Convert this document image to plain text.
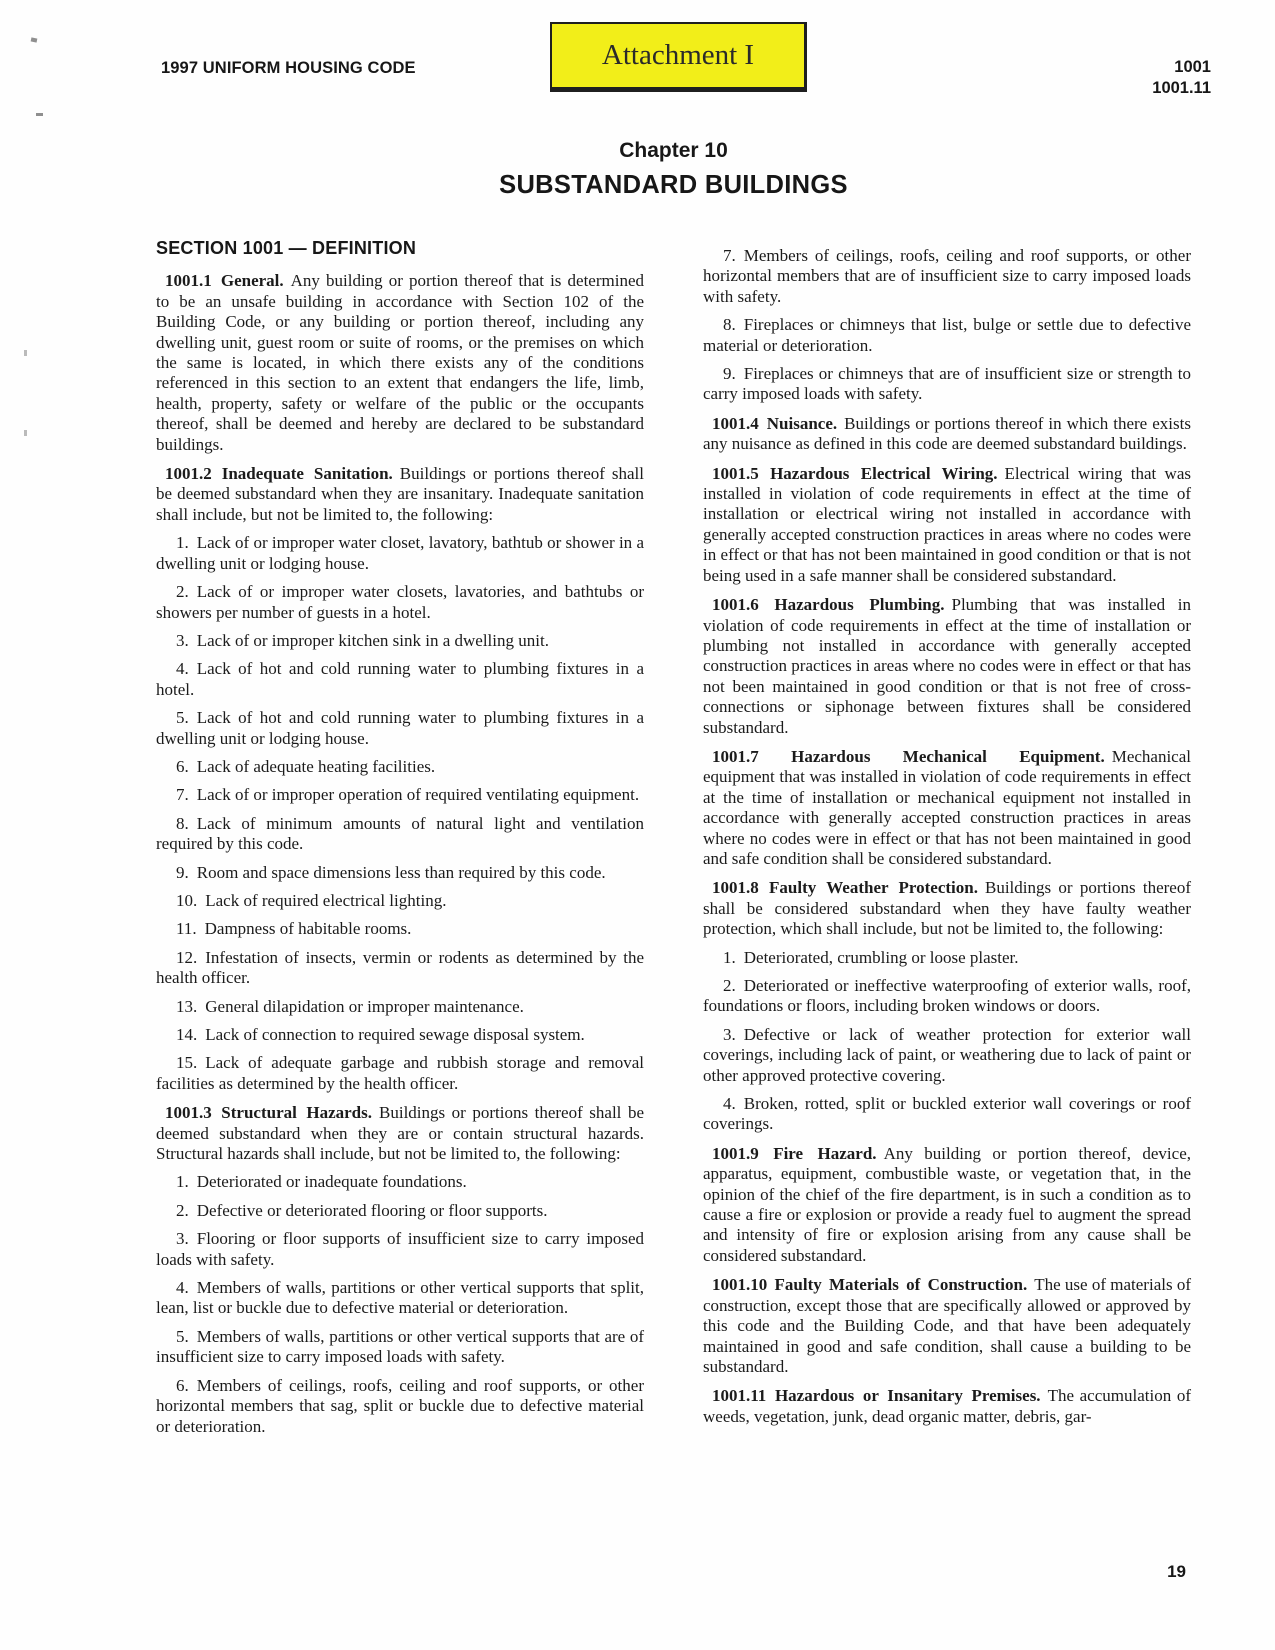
1997 UNIFORM HOUSING CODE	Attachment I	1001
1001.11
Chapter 10
SUBSTANDARD BUILDINGS
SECTION 1001 — DEFINITION

1001.1 General. Any building or portion thereof that is determined to be an unsafe building in accordance with Section 102 of the Building Code, or any building or portion thereof, including any dwelling unit, guest room or suite of rooms, or the premises on which the same is located, in which there exists any of the conditions referenced in this section to an extent that endangers the life, limb, health, property, safety or welfare of the public or the occupants thereof, shall be deemed and hereby are declared to be substandard buildings.

1001.2 Inadequate Sanitation. Buildings or portions thereof shall be deemed substandard when they are insanitary. Inadequate sanitation shall include, but not be limited to, the following:

1. Lack of or improper water closet, lavatory, bathtub or shower in a dwelling unit or lodging house.

2. Lack of or improper water closets, lavatories, and bathtubs or showers per number of guests in a hotel.

3. Lack of or improper kitchen sink in a dwelling unit.

4. Lack of hot and cold running water to plumbing fixtures in a hotel.

5. Lack of hot and cold running water to plumbing fixtures in a dwelling unit or lodging house.

6. Lack of adequate heating facilities.

7. Lack of or improper operation of required ventilating equipment.

8. Lack of minimum amounts of natural light and ventilation required by this code.

9. Room and space dimensions less than required by this code.

10. Lack of required electrical lighting.

11. Dampness of habitable rooms.

12. Infestation of insects, vermin or rodents as determined by the health officer.

13. General dilapidation or improper maintenance.

14. Lack of connection to required sewage disposal system.

15. Lack of adequate garbage and rubbish storage and removal facilities as determined by the health officer.

1001.3 Structural Hazards. Buildings or portions thereof shall be deemed substandard when they are or contain structural hazards. Structural hazards shall include, but not be limited to, the following:

1. Deteriorated or inadequate foundations.

2. Defective or deteriorated flooring or floor supports.

3. Flooring or floor supports of insufficient size to carry imposed loads with safety.

4. Members of walls, partitions or other vertical supports that split, lean, list or buckle due to defective material or deterioration.

5. Members of walls, partitions or other vertical supports that are of insufficient size to carry imposed loads with safety.

6. Members of ceilings, roofs, ceiling and roof supports, or other horizontal members that sag, split or buckle due to defective material or deterioration.

7. Members of ceilings, roofs, ceiling and roof supports, or other horizontal members that are of insufficient size to carry imposed loads with safety.

8. Fireplaces or chimneys that list, bulge or settle due to defective material or deterioration.

9. Fireplaces or chimneys that are of insufficient size or strength to carry imposed loads with safety.

1001.4 Nuisance. Buildings or portions thereof in which there exists any nuisance as defined in this code are deemed substandard buildings.

1001.5 Hazardous Electrical Wiring. Electrical wiring that was installed in violation of code requirements in effect at the time of installation or electrical wiring not installed in accordance with generally accepted construction practices in areas where no codes were in effect or that has not been maintained in good condition or that is not being used in a safe manner shall be considered substandard.

1001.6 Hazardous Plumbing. Plumbing that was installed in violation of code requirements in effect at the time of installation or plumbing not installed in accordance with generally accepted construction practices in areas where no codes were in effect or that has not been maintained in good condition or that is not free of cross-connections or siphonage between fixtures shall be considered substandard.

1001.7 Hazardous Mechanical Equipment. Mechanical equipment that was installed in violation of code requirements in effect at the time of installation or mechanical equipment not installed in accordance with generally accepted construction practices in areas where no codes were in effect or that has not been maintained in good and safe condition shall be considered substandard.

1001.8 Faulty Weather Protection. Buildings or portions thereof shall be considered substandard when they have faulty weather protection, which shall include, but not be limited to, the following:

1. Deteriorated, crumbling or loose plaster.

2. Deteriorated or ineffective waterproofing of exterior walls, roof, foundations or floors, including broken windows or doors.

3. Defective or lack of weather protection for exterior wall coverings, including lack of paint, or weathering due to lack of paint or other approved protective covering.

4. Broken, rotted, split or buckled exterior wall coverings or roof coverings.

1001.9 Fire Hazard. Any building or portion thereof, device, apparatus, equipment, combustible waste, or vegetation that, in the opinion of the chief of the fire department, is in such a condition as to cause a fire or explosion or provide a ready fuel to augment the spread and intensity of fire or explosion arising from any cause shall be considered substandard.

1001.10 Faulty Materials of Construction. The use of materials of construction, except those that are specifically allowed or approved by this code and the Building Code, and that have been adequately maintained in good and safe condition, shall cause a building to be substandard.

1001.11 Hazardous or Insanitary Premises. The accumulation of weeds, vegetation, junk, dead organic matter, debris, gar-

19
